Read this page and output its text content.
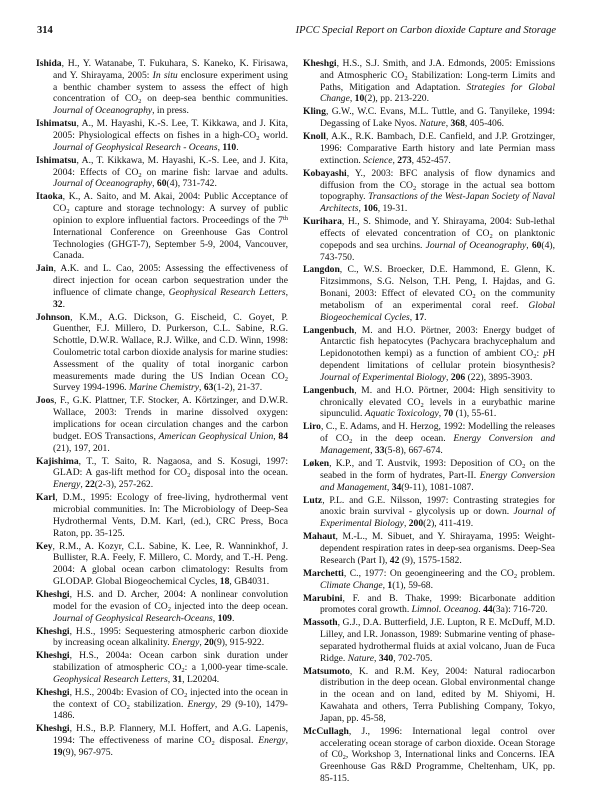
314	IPCC Special Report on Carbon dioxide Capture and Storage
Ishida, H., Y. Watanabe, T. Fukuhara, S. Kaneko, K. Firisawa, and Y. Shirayama, 2005: In situ enclosure experiment using a benthic chamber system to assess the effect of high concentration of $CO_2$ on deep-sea benthic communities. Journal of Oceanography, in press.
Ishimatsu, A., M. Hayashi, K.-S. Lee, T. Kikkawa, and J. Kita, 2005: Physiological effects on fishes in a high-$CO_2$ world. Journal of Geophysical Research - Oceans, 110.
Ishimatsu, A., T. Kikkawa, M. Hayashi, K.-S. Lee, and J. Kita, 2004: Effects of $CO_2$ on marine fish: larvae and adults. Journal of Oceanography, 60(4), 731-742.
Itaoka, K., A. Saito, and M. Akai, 2004: Public Acceptance of $CO_2$ capture and storage technology: A survey of public opinion to explore influential factors. Proceedings of the 7th International Conference on Greenhouse Gas Control Technologies (GHGT-7), September 5-9, 2004, Vancouver, Canada.
Jain, A.K. and L. Cao, 2005: Assessing the effectiveness of direct injection for ocean carbon sequestration under the influence of climate change, Geophysical Research Letters, 32.
Johnson, K.M., A.G. Dickson, G. Eischeid, C. Goyet, P. Guenther, F.J. Millero, D. Purkerson, C.L. Sabine, R.G. Schottle, D.W.R. Wallace, R.J. Wilke, and C.D. Winn, 1998: Coulometric total carbon dioxide analysis for marine studies: Assessment of the quality of total inorganic carbon measurements made during the US Indian Ocean $CO_2$ Survey 1994-1996. Marine Chemistry, 63(1-2), 21-37.
Joos, F., G.K. Plattner, T.F. Stocker, A. Körtzinger, and D.W.R. Wallace, 2003: Trends in marine dissolved oxygen: implications for ocean circulation changes and the carbon budget. EOS Transactions, American Geophysical Union, 84 (21), 197, 201.
Kajishima, T., T. Saito, R. Nagaosa, and S. Kosugi, 1997: GLAD: A gas-lift method for $CO_2$ disposal into the ocean. Energy, 22(2-3), 257-262.
Karl, D.M., 1995: Ecology of free-living, hydrothermal vent microbial communities. In: The Microbiology of Deep-Sea Hydrothermal Vents, D.M. Karl, (ed.), CRC Press, Boca Raton, pp. 35-125.
Key, R.M., A. Kozyr, C.L. Sabine, K. Lee, R. Wanninkhof, J. Bullister, R.A. Feely, F. Millero, C. Mordy, and T.-H. Peng. 2004: A global ocean carbon climatology: Results from GLODAP. Global Biogeochemical Cycles, 18, GB4031.
Kheshgi, H.S. and D. Archer, 2004: A nonlinear convolution model for the evasion of $CO_2$ injected into the deep ocean. Journal of Geophysical Research-Oceans, 109.
Kheshgi, H.S., 1995: Sequestering atmospheric carbon dioxide by increasing ocean alkalinity. Energy, 20(9), 915-922.
Kheshgi, H.S., 2004a: Ocean carbon sink duration under stabilization of atmospheric $CO_2$: a 1,000-year time-scale. Geophysical Research Letters, 31, L20204.
Kheshgi, H.S., 2004b: Evasion of $CO_2$ injected into the ocean in the context of $CO_2$ stabilization. Energy, 29 (9-10), 1479-1486.
Kheshgi, H.S., B.P. Flannery, M.I. Hoffert, and A.G. Lapenis, 1994: The effectiveness of marine $CO_2$ disposal. Energy, 19(9), 967-975.
Kheshgi, H.S., S.J. Smith, and J.A. Edmonds, 2005: Emissions and Atmospheric $CO_2$ Stabilization: Long-term Limits and Paths, Mitigation and Adaptation. Strategies for Global Change, 10(2), pp. 213-220.
Kling, G.W., W.C. Evans, M.L. Tuttle, and G. Tanyileke, 1994: Degassing of Lake Nyos. Nature, 368, 405-406.
Knoll, A.K., R.K. Bambach, D.E. Canfield, and J.P. Grotzinger, 1996: Comparative Earth history and late Permian mass extinction. Science, 273, 452-457.
Kobayashi, Y., 2003: BFC analysis of flow dynamics and diffusion from the $CO_2$ storage in the actual sea bottom topography. Transactions of the West-Japan Society of Naval Architects, 106, 19-31.
Kurihara, H., S. Shimode, and Y. Shirayama, 2004: Sub-lethal effects of elevated concentration of $CO_2$ on planktonic copepods and sea urchins. Journal of Oceanography, 60(4), 743-750.
Langdon, C., W.S. Broecker, D.E. Hammond, E. Glenn, K. Fitzsimmons, S.G. Nelson, T.H. Peng, I. Hajdas, and G. Bonani, 2003: Effect of elevated $CO_2$ on the community metabolism of an experimental coral reef. Global Biogeochemical Cycles, 17.
Langenbuch, M. and H.O. Pörtner, 2003: Energy budget of Antarctic fish hepatocytes (Pachycara brachycephalum and Lepidonotothen kempi) as a function of ambient $CO_2$: pH dependent limitations of cellular protein biosynthesis? Journal of Experimental Biology, 206 (22), 3895-3903.
Langenbuch, M. and H.O. Pörtner, 2004: High sensitivity to chronically elevated $CO_2$ levels in a eurybathic marine sipunculid. Aquatic Toxicology, 70 (1), 55-61.
Liro, C., E. Adams, and H. Herzog, 1992: Modelling the releases of $CO_2$ in the deep ocean. Energy Conversion and Management, 33(5-8), 667-674.
Løken, K.P., and T. Austvik, 1993: Deposition of $CO_2$ on the seabed in the form of hydrates, Part-II. Energy Conversion and Management, 34(9-11), 1081-1087.
Lutz, P.L. and G.E. Nilsson, 1997: Contrasting strategies for anoxic brain survival - glycolysis up or down. Journal of Experimental Biology, 200(2), 411-419.
Mahaut, M.-L., M. Sibuet, and Y. Shirayama, 1995: Weight-dependent respiration rates in deep-sea organisms. Deep-Sea Research (Part I), 42 (9), 1575-1582.
Marchetti, C., 1977: On geoengineering and the $CO_2$ problem. Climate Change, 1(1), 59-68.
Marubini, F. and B. Thake, 1999: Bicarbonate addition promotes coral growth. Limnol. Oceanog. 44(3a): 716-720.
Massoth, G.J., D.A. Butterfield, J.E. Lupton, R E. McDuff, M.D. Lilley, and I.R. Jonasson, 1989: Submarine venting of phase-separated hydrothermal fluids at axial volcano, Juan de Fuca Ridge. Nature, 340, 702-705.
Matsumoto, K. and R.M. Key, 2004: Natural radiocarbon distribution in the deep ocean. Global environmental change in the ocean and on land, edited by M. Shiyomi, H. Kawahata and others, Terra Publishing Company, Tokyo, Japan, pp. 45-58,
McCullagh, J., 1996: International legal control over accelerating ocean storage of carbon dioxide. Ocean Storage of $C0_2$, Workshop 3, International links and Concerns. IEA Greenhouse Gas R&D Programme, Cheltenham, UK, pp. 85-115.
